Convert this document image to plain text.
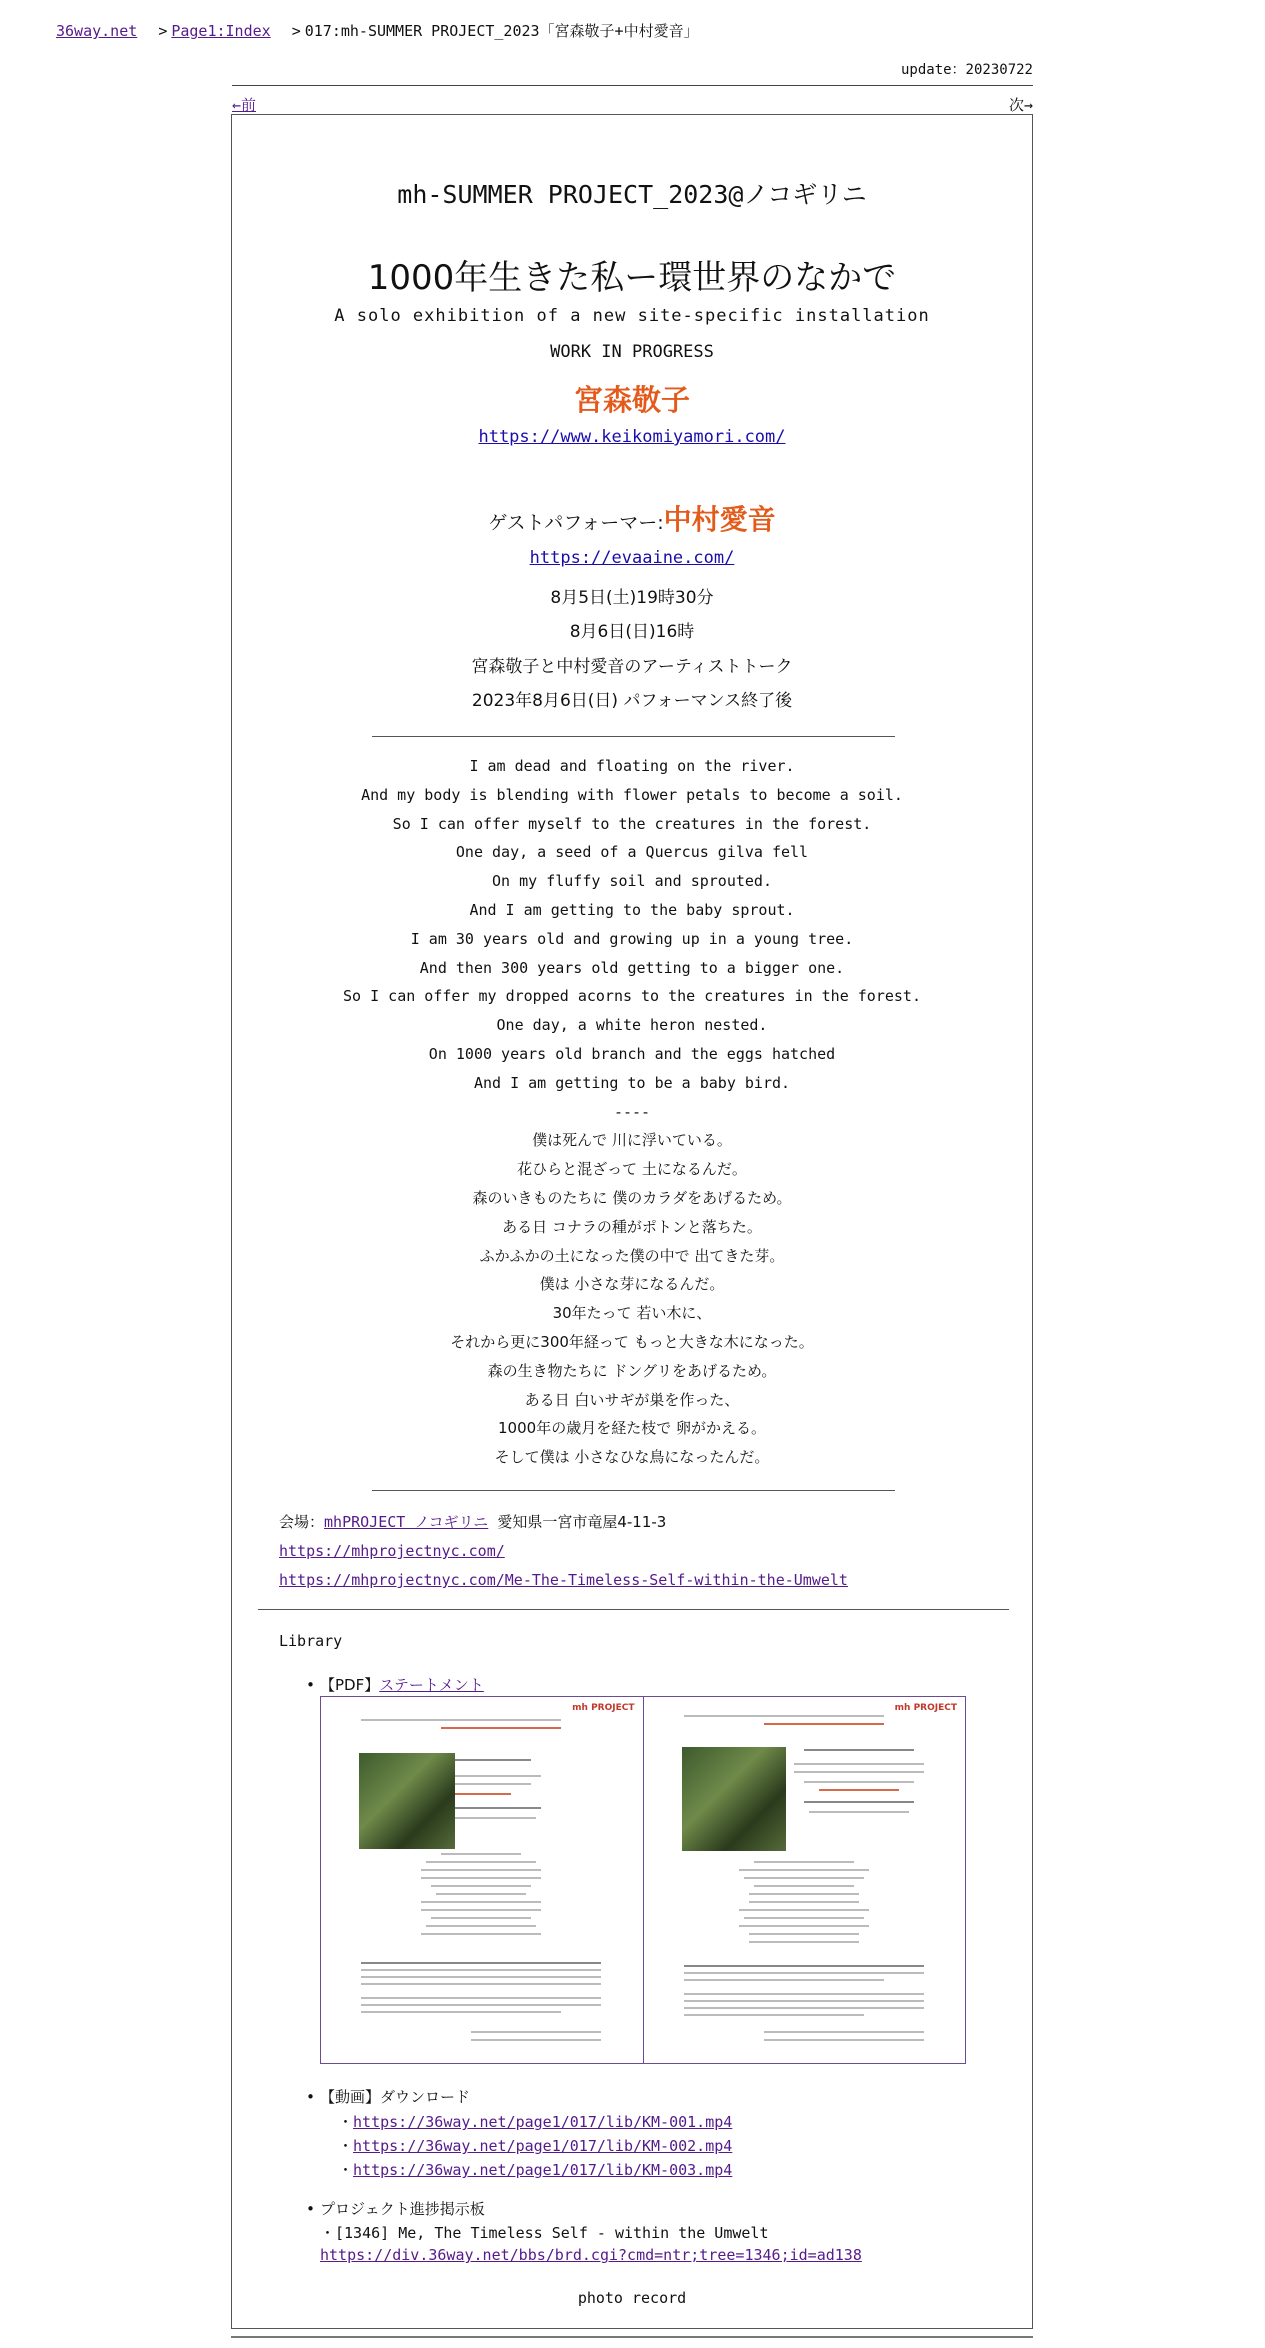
36way.net > Page1:Index > 017:mh-SUMMER PROJECT_2023「宮森敬子+中村愛音」
update：20230722
←前	次→
mh-SUMMER PROJECT_2023@ノコギリニ
1000年生きた私ー環世界のなかで
A solo exhibition of a new site-specific installation
WORK IN PROGRESS
宮森敬子
https://www.keikomiyamori.com/
ゲストパフォーマー:中村愛音
https://evaaine.com/
8月5日(土)19時30分
8月6日(日)16時
宮森敬子と中村愛音のアーティストトーク
2023年8月6日(日) パフォーマンス終了後
I am dead and floating on the river.
And my body is blending with flower petals to become a soil.
So I can offer myself to the creatures in the forest.
One day, a seed of a Quercus gilva fell
On my fluffy soil and sprouted.
And I am getting to the baby sprout.
I am 30 years old and growing up in a young tree.
And then 300 years old getting to a bigger one.
So I can offer my dropped acorns to the creatures in the forest.
One day, a white heron nested.
On 1000 years old branch and the eggs hatched
And I am getting to be a baby bird.
----
僕は死んで 川に浮いている。
花ひらと混ざって 土になるんだ。
森のいきものたちに 僕のカラダをあげるため。
ある日 コナラの種がポトンと落ちた。
ふかふかの土になった僕の中で 出てきた芽。
僕は 小さな芽になるんだ。
30年たって 若い木に、
それから更に300年経って もっと大きな木になった。
森の生き物たちに ドングリをあげるため。
ある日 白いサギが巣を作った、
1000年の歳月を経た枝で 卵がかえる。
そして僕は 小さなひな鳥になったんだ。
会場：mhPROJECT ノコギリニ 愛知県一宮市竜屋4-11-3
https://mhprojectnyc.com/
https://mhprojectnyc.com/Me-The-Timeless-Self-within-the-Umwelt
Library
• 【PDF】ステートメント
mh PROJECT	mh PROJECT
• 【動画】ダウンロード
・https://36way.net/page1/017/lib/KM-001.mp4
・https://36way.net/page1/017/lib/KM-002.mp4
・https://36way.net/page1/017/lib/KM-003.mp4
• プロジェクト進捗掲示板
・[1346] Me, The Timeless Self - within the Umwelt
https://div.36way.net/bbs/brd.cgi?cmd=ntr;tree=1346;id=ad138
photo record
